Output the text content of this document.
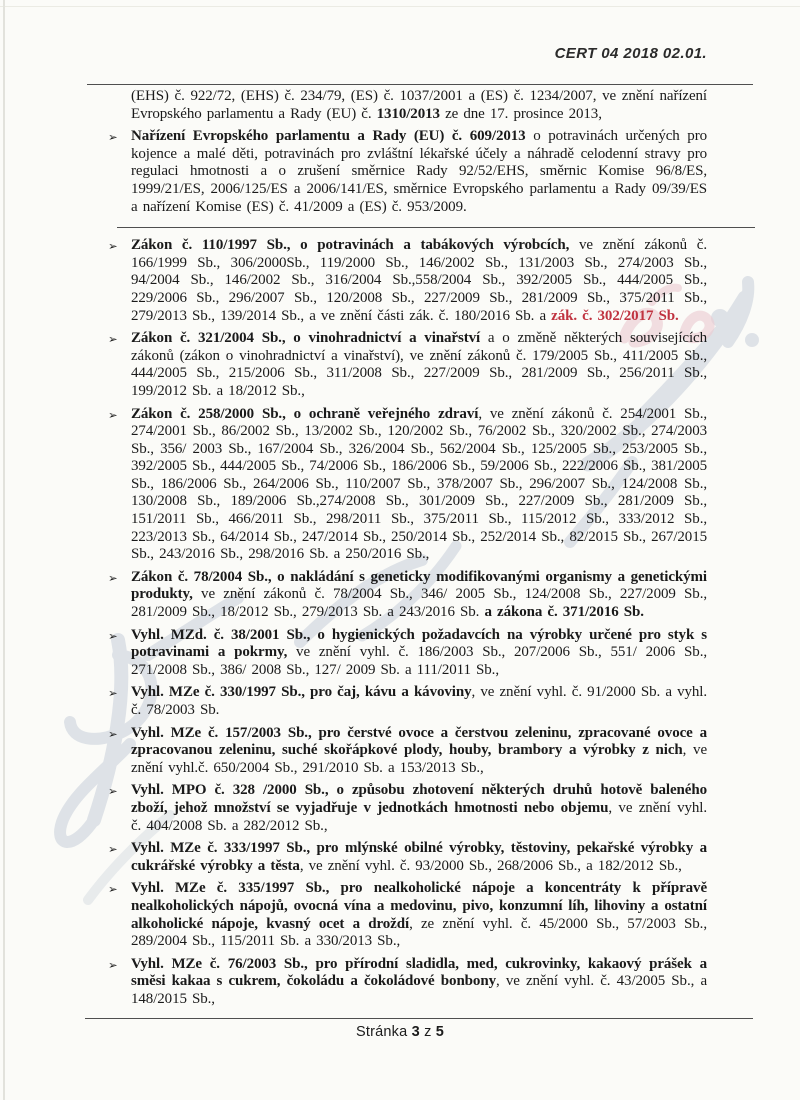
CERT 04 2018 02.01.

(EHS) č. 922/72, (EHS) č. 234/79, (ES) č. 1037/2001 a (ES) č. 1234/2007, ve znění nařízení Evropského parlamentu a Rady (EU) č. 1310/2013 ze dne 17. prosince 2013,

➢ Nařízení Evropského parlamentu a Rady (EU) č. 609/2013 o potravinách určených pro kojence a malé děti, potravinách pro zvláštní lékařské účely a náhradě celodenní stravy pro regulaci hmotnosti a o zrušení směrnice Rady 92/52/EHS, směrnic Komise 96/8/ES, 1999/21/ES, 2006/125/ES a 2006/141/ES, směrnice Evropského parlamentu a Rady 09/39/ES a nařízení Komise (ES) č. 41/2009 a (ES) č. 953/2009.

➢ Zákon č. 110/1997 Sb., o potravinách a tabákových výrobcích, ve znění zákonů č. 166/1999 Sb., 306/2000Sb., 119/2000 Sb., 146/2002 Sb., 131/2003 Sb., 274/2003 Sb., 94/2004 Sb., 146/2002 Sb., 316/2004 Sb.,558/2004 Sb., 392/2005 Sb., 444/2005 Sb., 229/2006 Sb., 296/2007 Sb., 120/2008 Sb., 227/2009 Sb., 281/2009 Sb., 375/2011 Sb., 279/2013 Sb., 139/2014 Sb., a ve znění části zák. č. 180/2016 Sb. a zák. č. 302/2017 Sb.

➢ Zákon č. 321/2004 Sb., o vinohradnictví a vinařství a o změně některých souvisejících zákonů (zákon o vinohradnictví a vinařství), ve znění zákonů č. 179/2005 Sb., 411/2005 Sb., 444/2005 Sb., 215/2006 Sb., 311/2008 Sb., 227/2009 Sb., 281/2009 Sb., 256/2011 Sb., 199/2012 Sb. a 18/2012 Sb.,

➢ Zákon č. 258/2000 Sb., o ochraně veřejného zdraví, ve znění zákonů č. 254/2001 Sb., 274/2001 Sb., 86/2002 Sb., 13/2002 Sb., 120/2002 Sb., 76/2002 Sb., 320/2002 Sb., 274/2003 Sb., 356/ 2003 Sb., 167/2004 Sb., 326/2004 Sb., 562/2004 Sb., 125/2005 Sb., 253/2005 Sb., 392/2005 Sb., 444/2005 Sb., 74/2006 Sb., 186/2006 Sb., 59/2006 Sb., 222/2006 Sb., 381/2005 Sb., 186/2006 Sb., 264/2006 Sb., 110/2007 Sb., 378/2007 Sb., 296/2007 Sb., 124/2008 Sb., 130/2008 Sb., 189/2006 Sb.,274/2008 Sb., 301/2009 Sb., 227/2009 Sb., 281/2009 Sb., 151/2011 Sb., 466/2011 Sb., 298/2011 Sb., 375/2011 Sb., 115/2012 Sb., 333/2012 Sb., 223/2013 Sb., 64/2014 Sb., 247/2014 Sb., 250/2014 Sb., 252/2014 Sb., 82/2015 Sb., 267/2015 Sb., 243/2016 Sb., 298/2016 Sb. a 250/2016 Sb.,

➢ Zákon č. 78/2004 Sb., o nakládání s geneticky modifikovanými organismy a genetickými produkty, ve znění zákonů č. 78/2004 Sb., 346/ 2005 Sb., 124/2008 Sb., 227/2009 Sb., 281/2009 Sb., 18/2012 Sb., 279/2013 Sb. a 243/2016 Sb. a zákona č. 371/2016 Sb.

➢ Vyhl. MZd. č. 38/2001 Sb., o hygienických požadavcích na výrobky určené pro styk s potravinami a pokrmy, ve znění vyhl. č. 186/2003 Sb., 207/2006 Sb., 551/ 2006 Sb., 271/2008 Sb., 386/ 2008 Sb., 127/ 2009 Sb. a 111/2011 Sb.,

➢ Vyhl. MZe č. 330/1997 Sb., pro čaj, kávu a kávoviny, ve znění vyhl. č. 91/2000 Sb. a vyhl. č. 78/2003 Sb.

➢ Vyhl. MZe č. 157/2003 Sb., pro čerstvé ovoce a čerstvou zeleninu, zpracované ovoce a zpracovanou zeleninu, suché skořápkové plody, houby, brambory a výrobky z nich, ve znění vyhl.č. 650/2004 Sb., 291/2010 Sb. a 153/2013 Sb.,

➢ Vyhl. MPO č. 328 /2000 Sb., o způsobu zhotovení některých druhů hotově baleného zboží, jehož množství se vyjadřuje v jednotkách hmotnosti nebo objemu, ve znění vyhl. č. 404/2008 Sb. a 282/2012 Sb.,

➢ Vyhl. MZe č. 333/1997 Sb., pro mlýnské obilné výrobky, těstoviny, pekařské výrobky a cukrářské výrobky a těsta, ve znění vyhl. č. 93/2000 Sb., 268/2006 Sb., a 182/2012 Sb.,

➢ Vyhl. MZe č. 335/1997 Sb., pro nealkoholické nápoje a koncentráty k přípravě nealkoholických nápojů, ovocná vína a medovinu, pivo, konzumní líh, lihoviny a ostatní alkoholické nápoje, kvasný ocet a droždí, ze znění vyhl. č. 45/2000 Sb., 57/2003 Sb., 289/2004 Sb., 115/2011 Sb. a 330/2013 Sb.,

➢ Vyhl. MZe č. 76/2003 Sb., pro přírodní sladidla, med, cukrovinky, kakaový prášek a směsi kakaa s cukrem, čokoládu a čokoládové bonbony, ve znění vyhl. č. 43/2005 Sb., a 148/2015 Sb.,

Stránka 3 z 5
